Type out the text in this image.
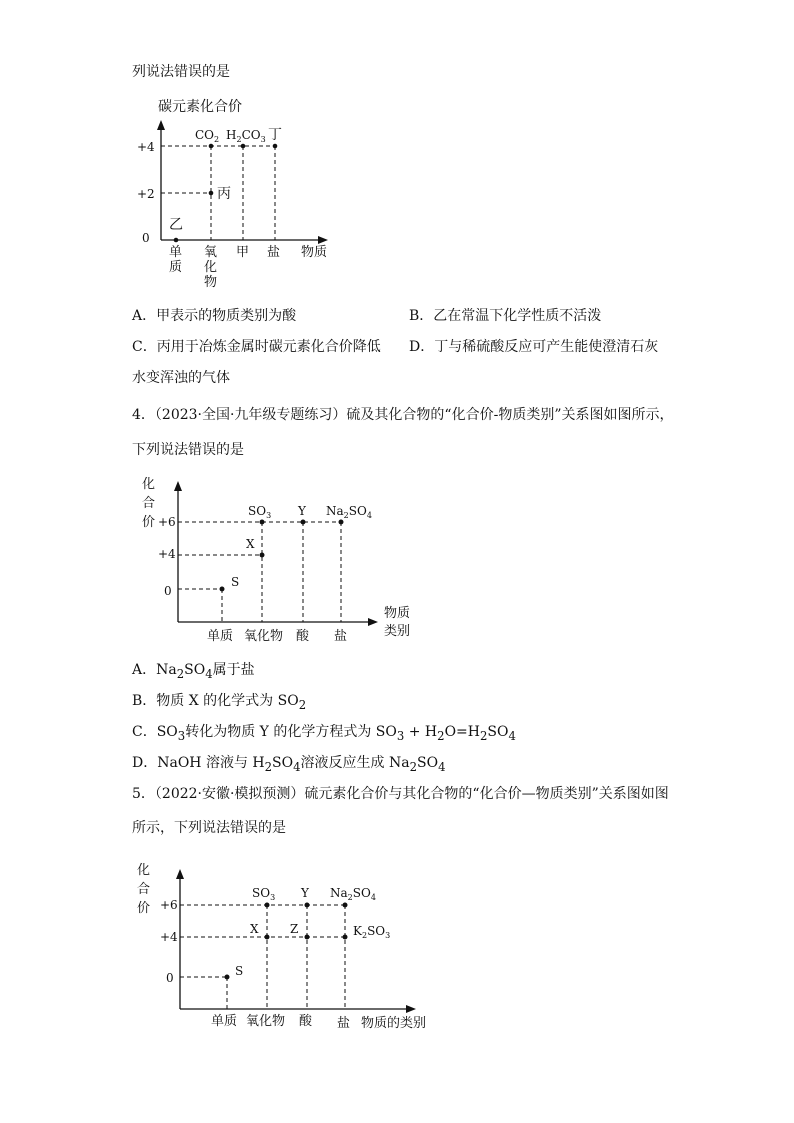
列说法错误的是
碳元素化合价
+4
+2
0
$CO_2$ $H_2CO_3$ 丁
丙
乙
单
质
氧
化
物
甲 盐 物质
A．甲表示的物质类别为酸	B．乙在常温下化学性质不活泼
C．丙用于冶炼金属时碳元素化合价降低 D．丁与稀硫酸反应可产生能使澄清石灰
水变浑浊的气体
4．（2023·全国·九年级专题练习）硫及其化合物的“化合价-物质类别”关系图如图所示，
下列说法错误的是
化
合
价 +6
+4
0
$SO_3$ Y $Na_2SO_4$
X
S
单质 氧化物 酸 盐
物质
类别
A．$Na_2SO_4$属于盐
B．物质 X 的化学式为 $SO_2$
C．$SO_3$转化为物质 Y 的化学方程式为 $SO_3 + H_2O=H_2SO_4$
D．NaOH 溶液与 $H_2SO_4$溶液反应生成 $Na_2SO_4$
5．（2022·安徽·模拟预测）硫元素化合价与其化合物的“化合价—物质类别”关系图如图
所示，下列说法错误的是
化
合
价 +6
+4
0
$SO_3$ Y $Na_2SO_4$
X	Z	$K_2SO_3$
S
单质 氧化物 酸 盐 物质的类别
